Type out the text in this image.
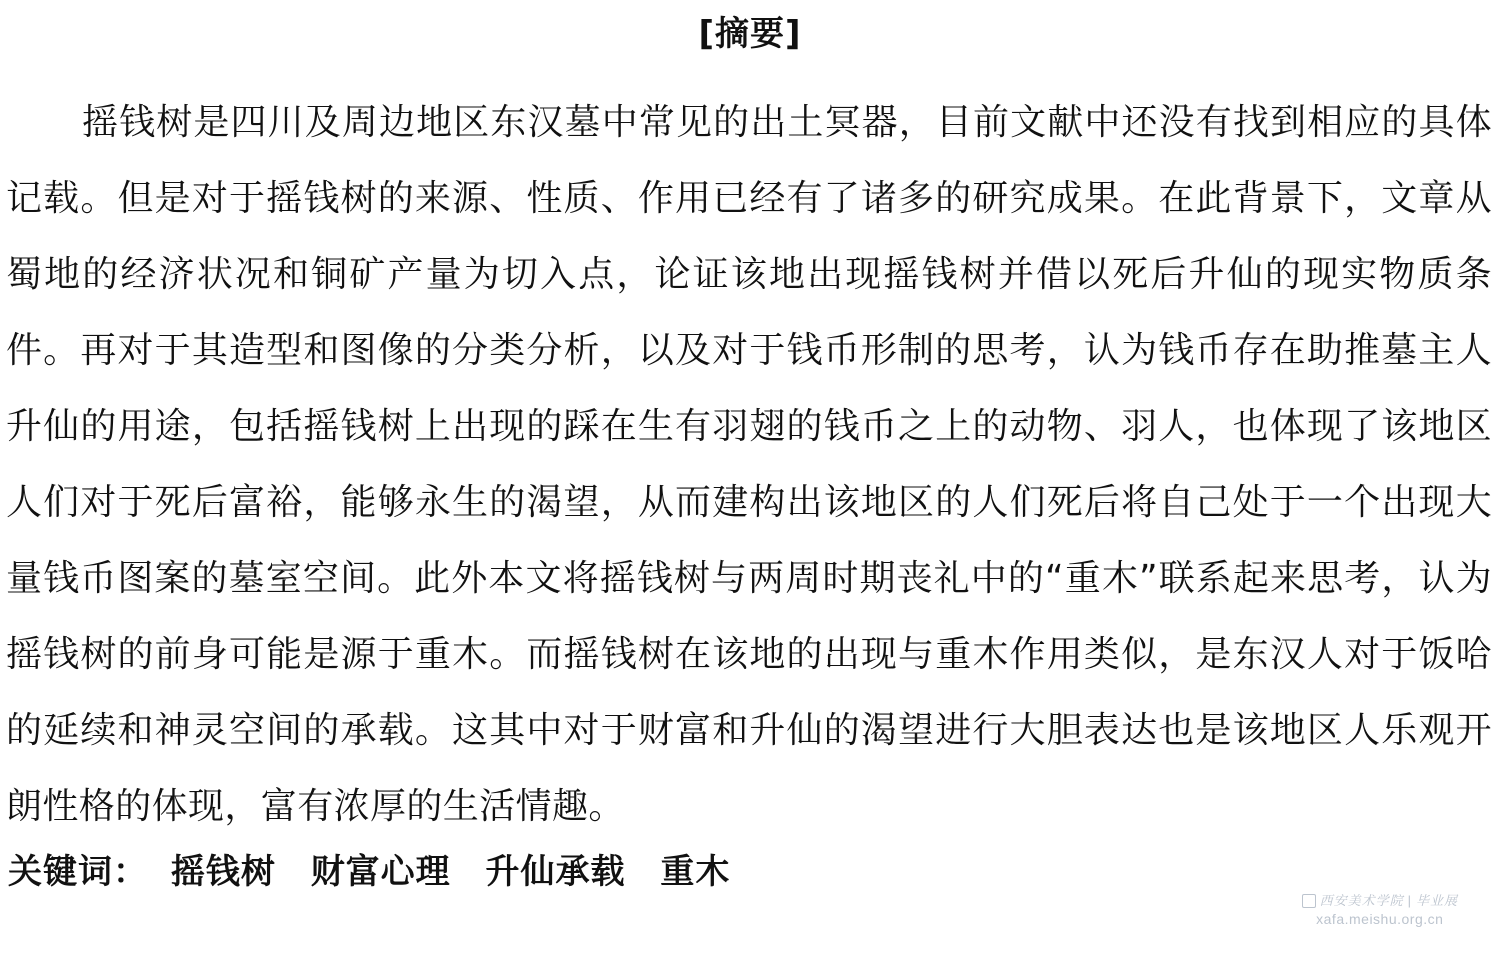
[摘要]

摇钱树是四川及周边地区东汉墓中常见的出土冥器，目前文献中还没有找到相应的具体记载。但是对于摇钱树的来源、性质、作用已经有了诸多的研究成果。在此背景下，文章从蜀地的经济状况和铜矿产量为切入点，论证该地出现摇钱树并借以死后升仙的现实物质条件。再对于其造型和图像的分类分析，以及对于钱币形制的思考，认为钱币存在助推墓主人升仙的用途，包括摇钱树上出现的踩在生有羽翅的钱币之上的动物、羽人，也体现了该地区人们对于死后富裕，能够永生的渴望，从而建构出该地区的人们死后将自己处于一个出现大量钱币图案的墓室空间。此外本文将摇钱树与两周时期丧礼中的“重木”联系起来思考，认为摇钱树的前身可能是源于重木。而摇钱树在该地的出现与重木作用类似，是东汉人对于饭哈的延续和神灵空间的承载。这其中对于财富和升仙的渴望进行大胆表达也是该地区人乐观开朗性格的体现，富有浓厚的生活情趣。

关键词： 摇钱树 财富心理 升仙承载 重木
西安美术学院 | 毕业展
xafa.meishu.org.cn
